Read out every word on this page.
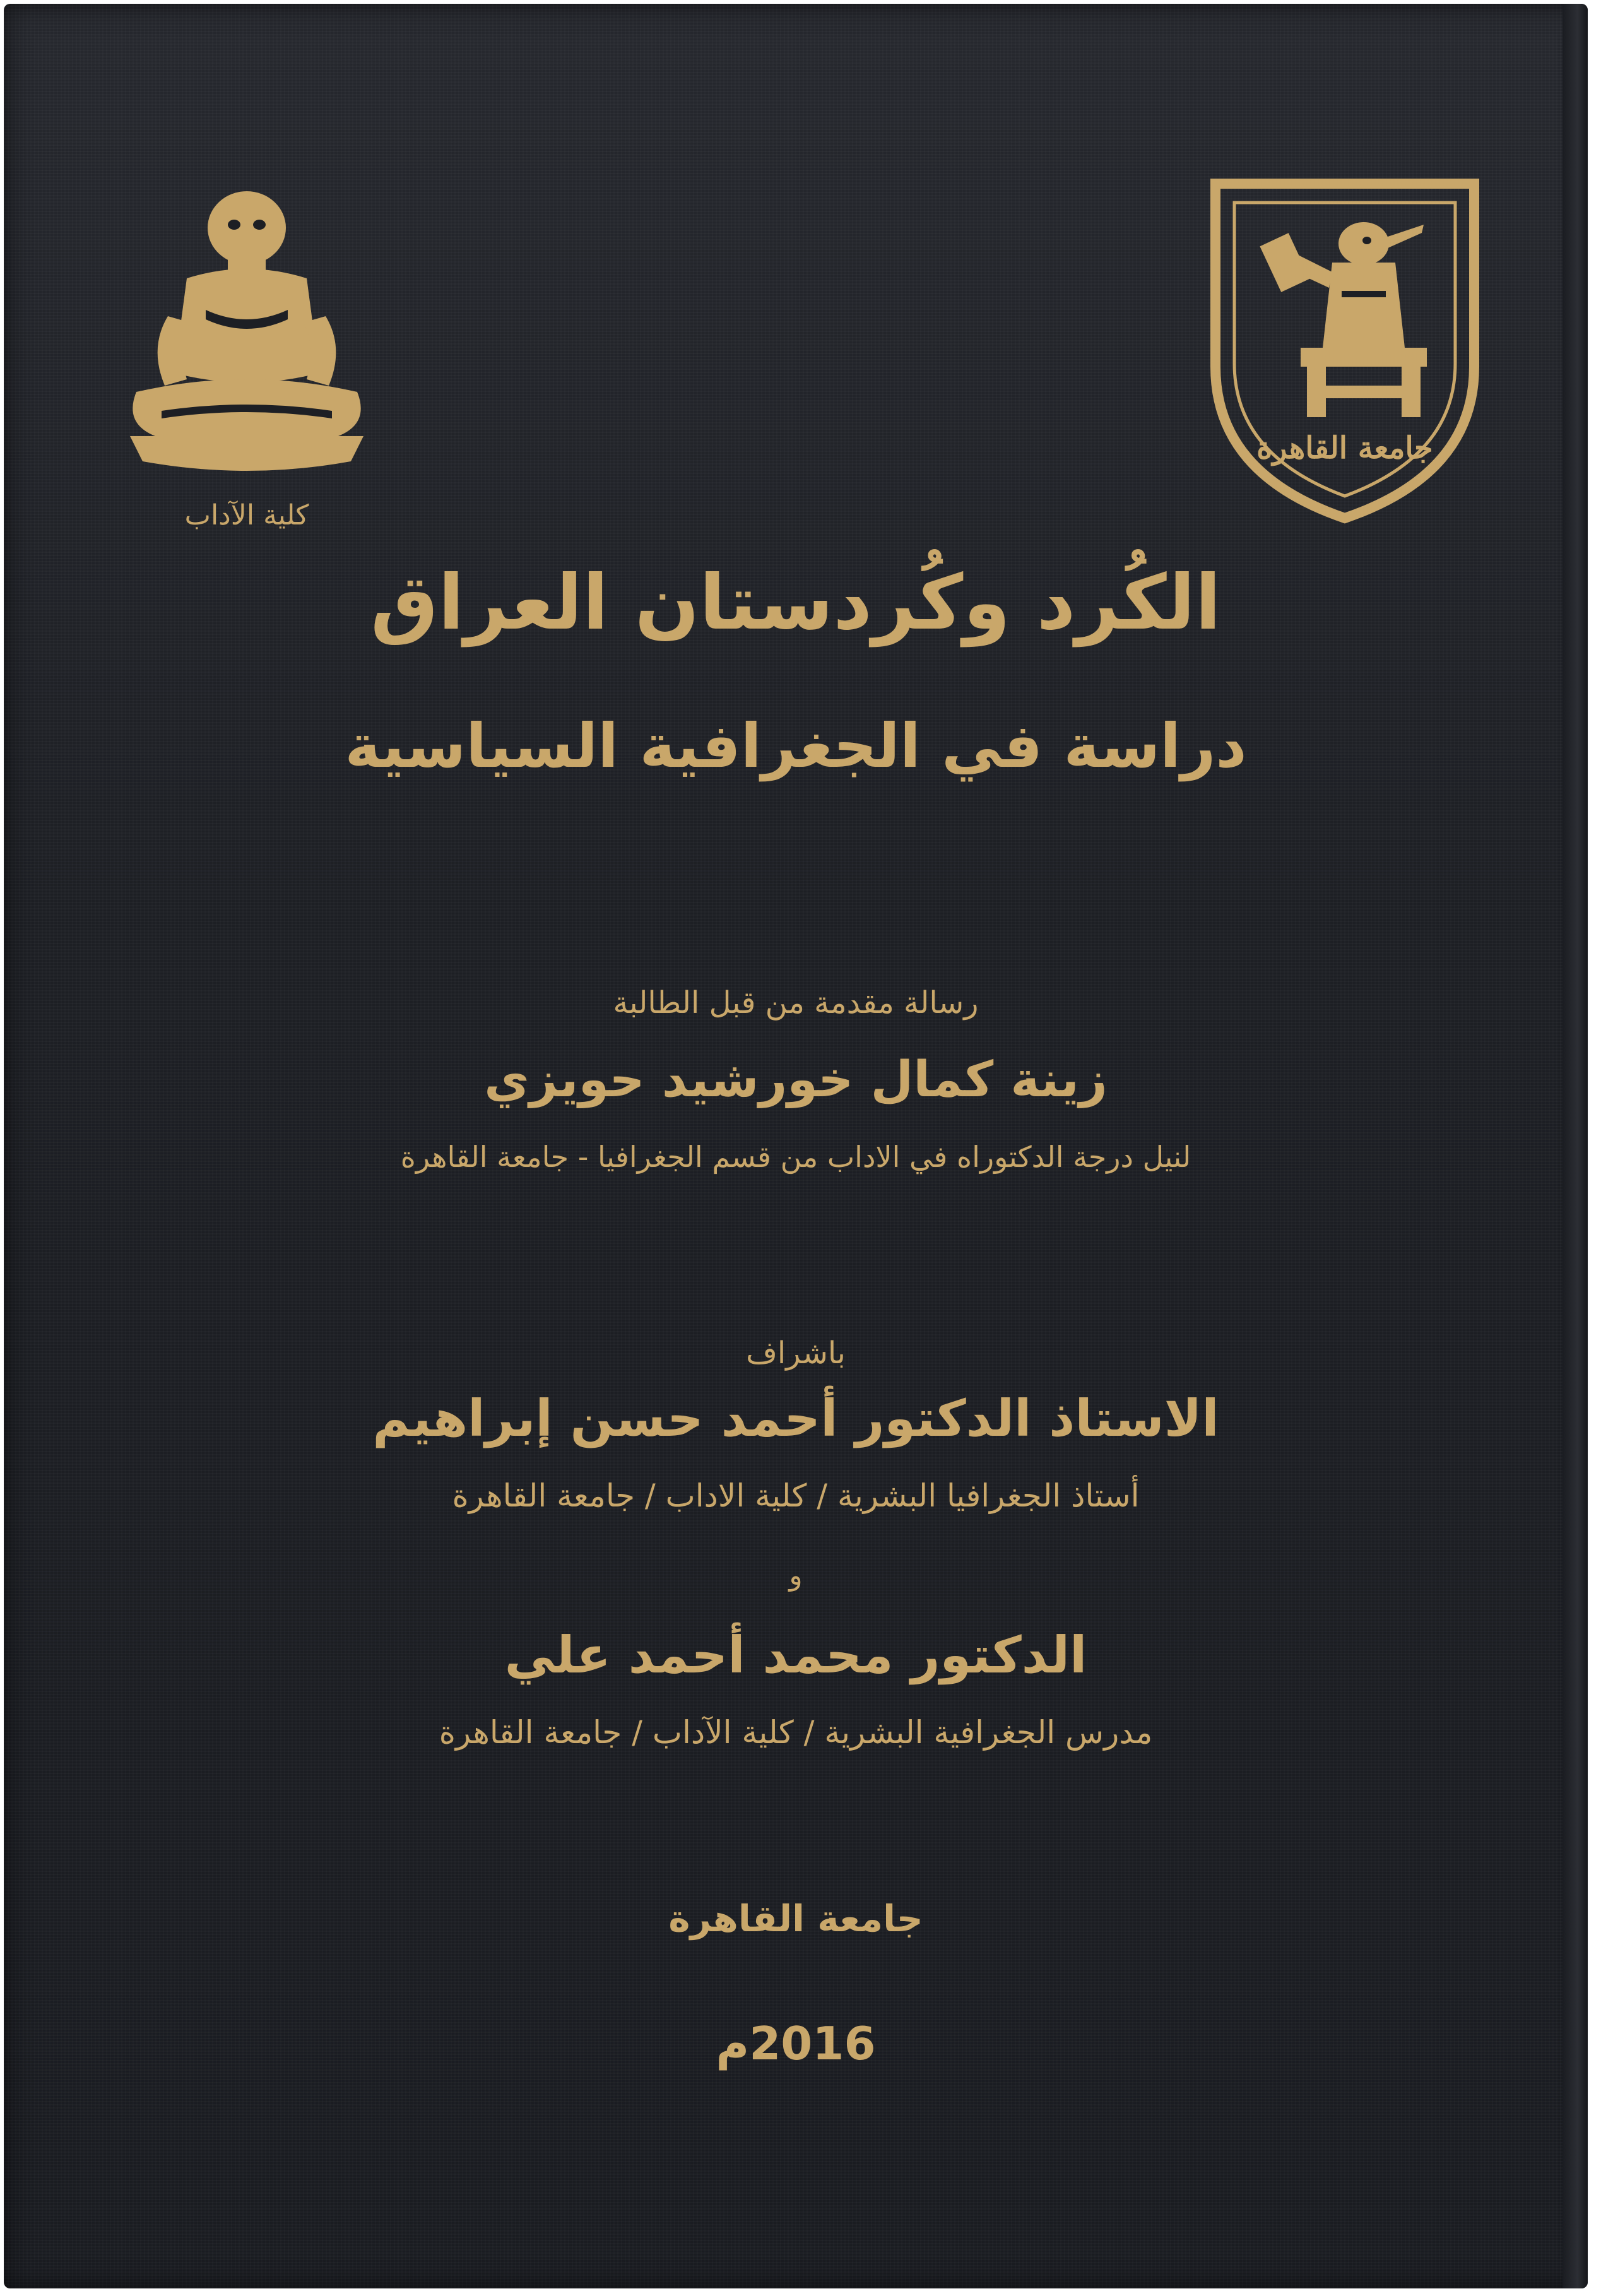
كلية الآداب
جامعة القاهرة
الكُرد وكُردستان العراق
دراسة في الجغرافية السياسية
رسالة مقدمة من قبل الطالبة
زينة كمال خورشيد حويزي
لنيل درجة الدكتوراه في الاداب من قسم الجغرافيا - جامعة القاهرة
باشراف
الاستاذ الدكتور أحمد حسن إبراهيم
أستاذ الجغرافيا البشرية / كلية الاداب / جامعة القاهرة
و
الدكتور محمد أحمد علي
مدرس الجغرافية البشرية / كلية الآداب / جامعة القاهرة
جامعة القاهرة
2016م
